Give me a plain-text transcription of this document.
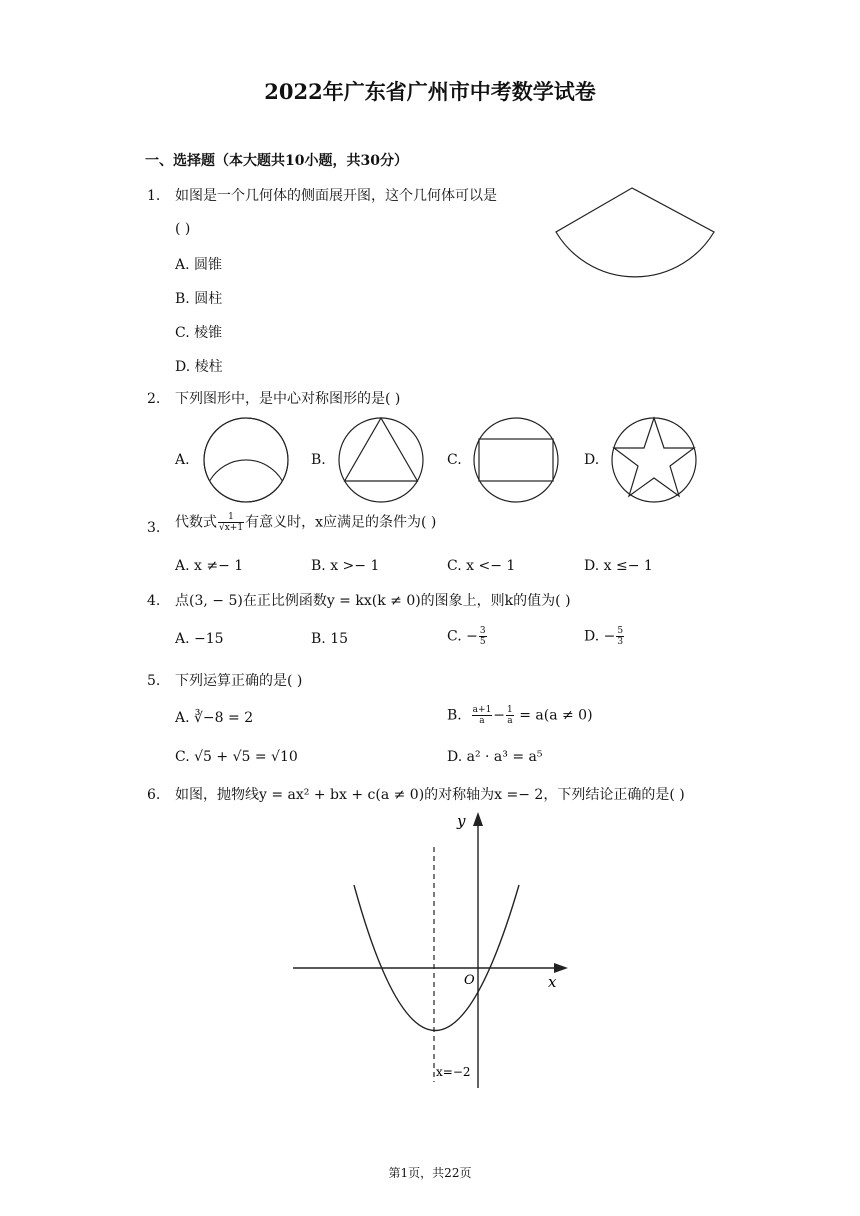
2022年广东省广州市中考数学试卷
一、选择题（本大题共10小题，共30分）
1. 如图是一个几何体的侧面展开图，这个几何体可以是
( )
A. 圆锥
B. 圆柱
C. 棱锥
D. 棱柱
2. 下列图形中，是中心对称图形的是( )
A.	B.	C.	D.
3. 代数式 $\frac{1}{√x+1}$ 有意义时，x应满足的条件为( )
A. x ≠− 1	B. x >− 1	C. x <− 1	D. x ≤− 1
4. 点(3, − 5)在正比例函数y = kx(k ≠ 0)的图象上，则k的值为( )
A. −15	B. 15	C. − $\frac{3}{5}$	D. − $\frac{5}{3}$
5. 下列运算正确的是( )
A. ∛−8 = 2	B. $\frac{a+1}{a} - \frac{1}{a} = a(a \ne 0)$
C. √5 + √5 = √10	D. a² · a³ = a⁵
6. 如图，抛物线y = ax² + bx + c(a ≠ 0)的对称轴为x =− 2，下列结论正确的是( )
y
x
O
x=−2
第1页，共22页
